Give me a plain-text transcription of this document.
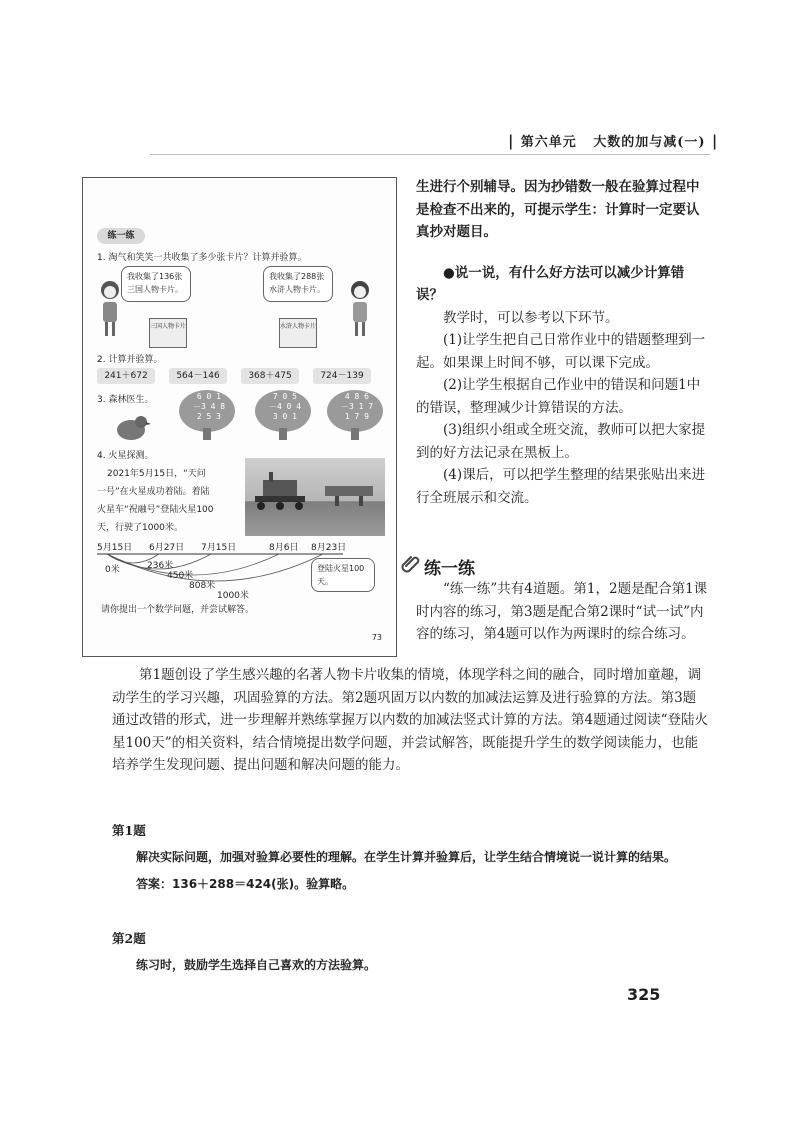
| 第六单元 大数的加与减(一) |
练一练
1. 淘气和笑笑一共收集了多少张卡片？计算并验算。
我收集了136张三国人物卡片。
我收集了288张水浒人物卡片。
三国人物卡片	水浒人物卡片
2. 计算并验算。
241＋672	564－146	368＋475	724－139
3. 森林医生。	6 0 1
－3 4
2 5 3
7 0 5
－4 0
3 0 1
4 8 6
－3 1
1 7 9
4. 火星探测。
2021年5月15日，“天问
一号”在火星成功着陆。着陆
火星车“祝融号”登陆火星100
天，行驶了1000米。
5月15日 6月27日 7月15日	8月6日 8月23日
0米	236米
450米
808米
1000米
登陆火星100天。
请你提出一个数学问题，并尝试解答。
73

生进行个别辅导。因为抄错数一般在验算过程中是检查不出来的，可提示学生：计算时一定要认真抄对题目。

●说一说，有什么好方法可以减少计算错误？

教学时，可以参考以下环节。

(1)让学生把自己日常作业中的错题整理到一起。如果课上时间不够，可以课下完成。

(2)让学生根据自己作业中的错误和问题1中的错误，整理减少计算错误的方法。

(3)组织小组或全班交流，教师可以把大家提到的好方法记录在黑板上。

(4)课后，可以把学生整理的结果张贴出来进行全班展示和交流。

练一练

“练一练”共有4道题。第1，2题是配合第1课时内容的练习，第3题是配合第2课时“试一试”内容的练习，第4题可以作为两课时的综合练习。

第1题创设了学生感兴趣的名著人物卡片收集的情境，体现学科之间的融合，同时增加童趣，调动学生的学习兴趣，巩固验算的方法。第2题巩固万以内数的加减法运算及进行验算的方法。第3题通过改错的形式，进一步理解并熟练掌握万以内数的加减法竖式计算的方法。第4题通过阅读“登陆火星100天”的相关资料，结合情境提出数学问题，并尝试解答，既能提升学生的数学阅读能力，也能培养学生发现问题、提出问题和解决问题的能力。

第1题

解决实际问题，加强对验算必要性的理解。在学生计算并验算后，让学生结合情境说一说计算的结果。

答案：136＋288＝424(张)。验算略。

第2题

练习时，鼓励学生选择自己喜欢的方法验算。

325
